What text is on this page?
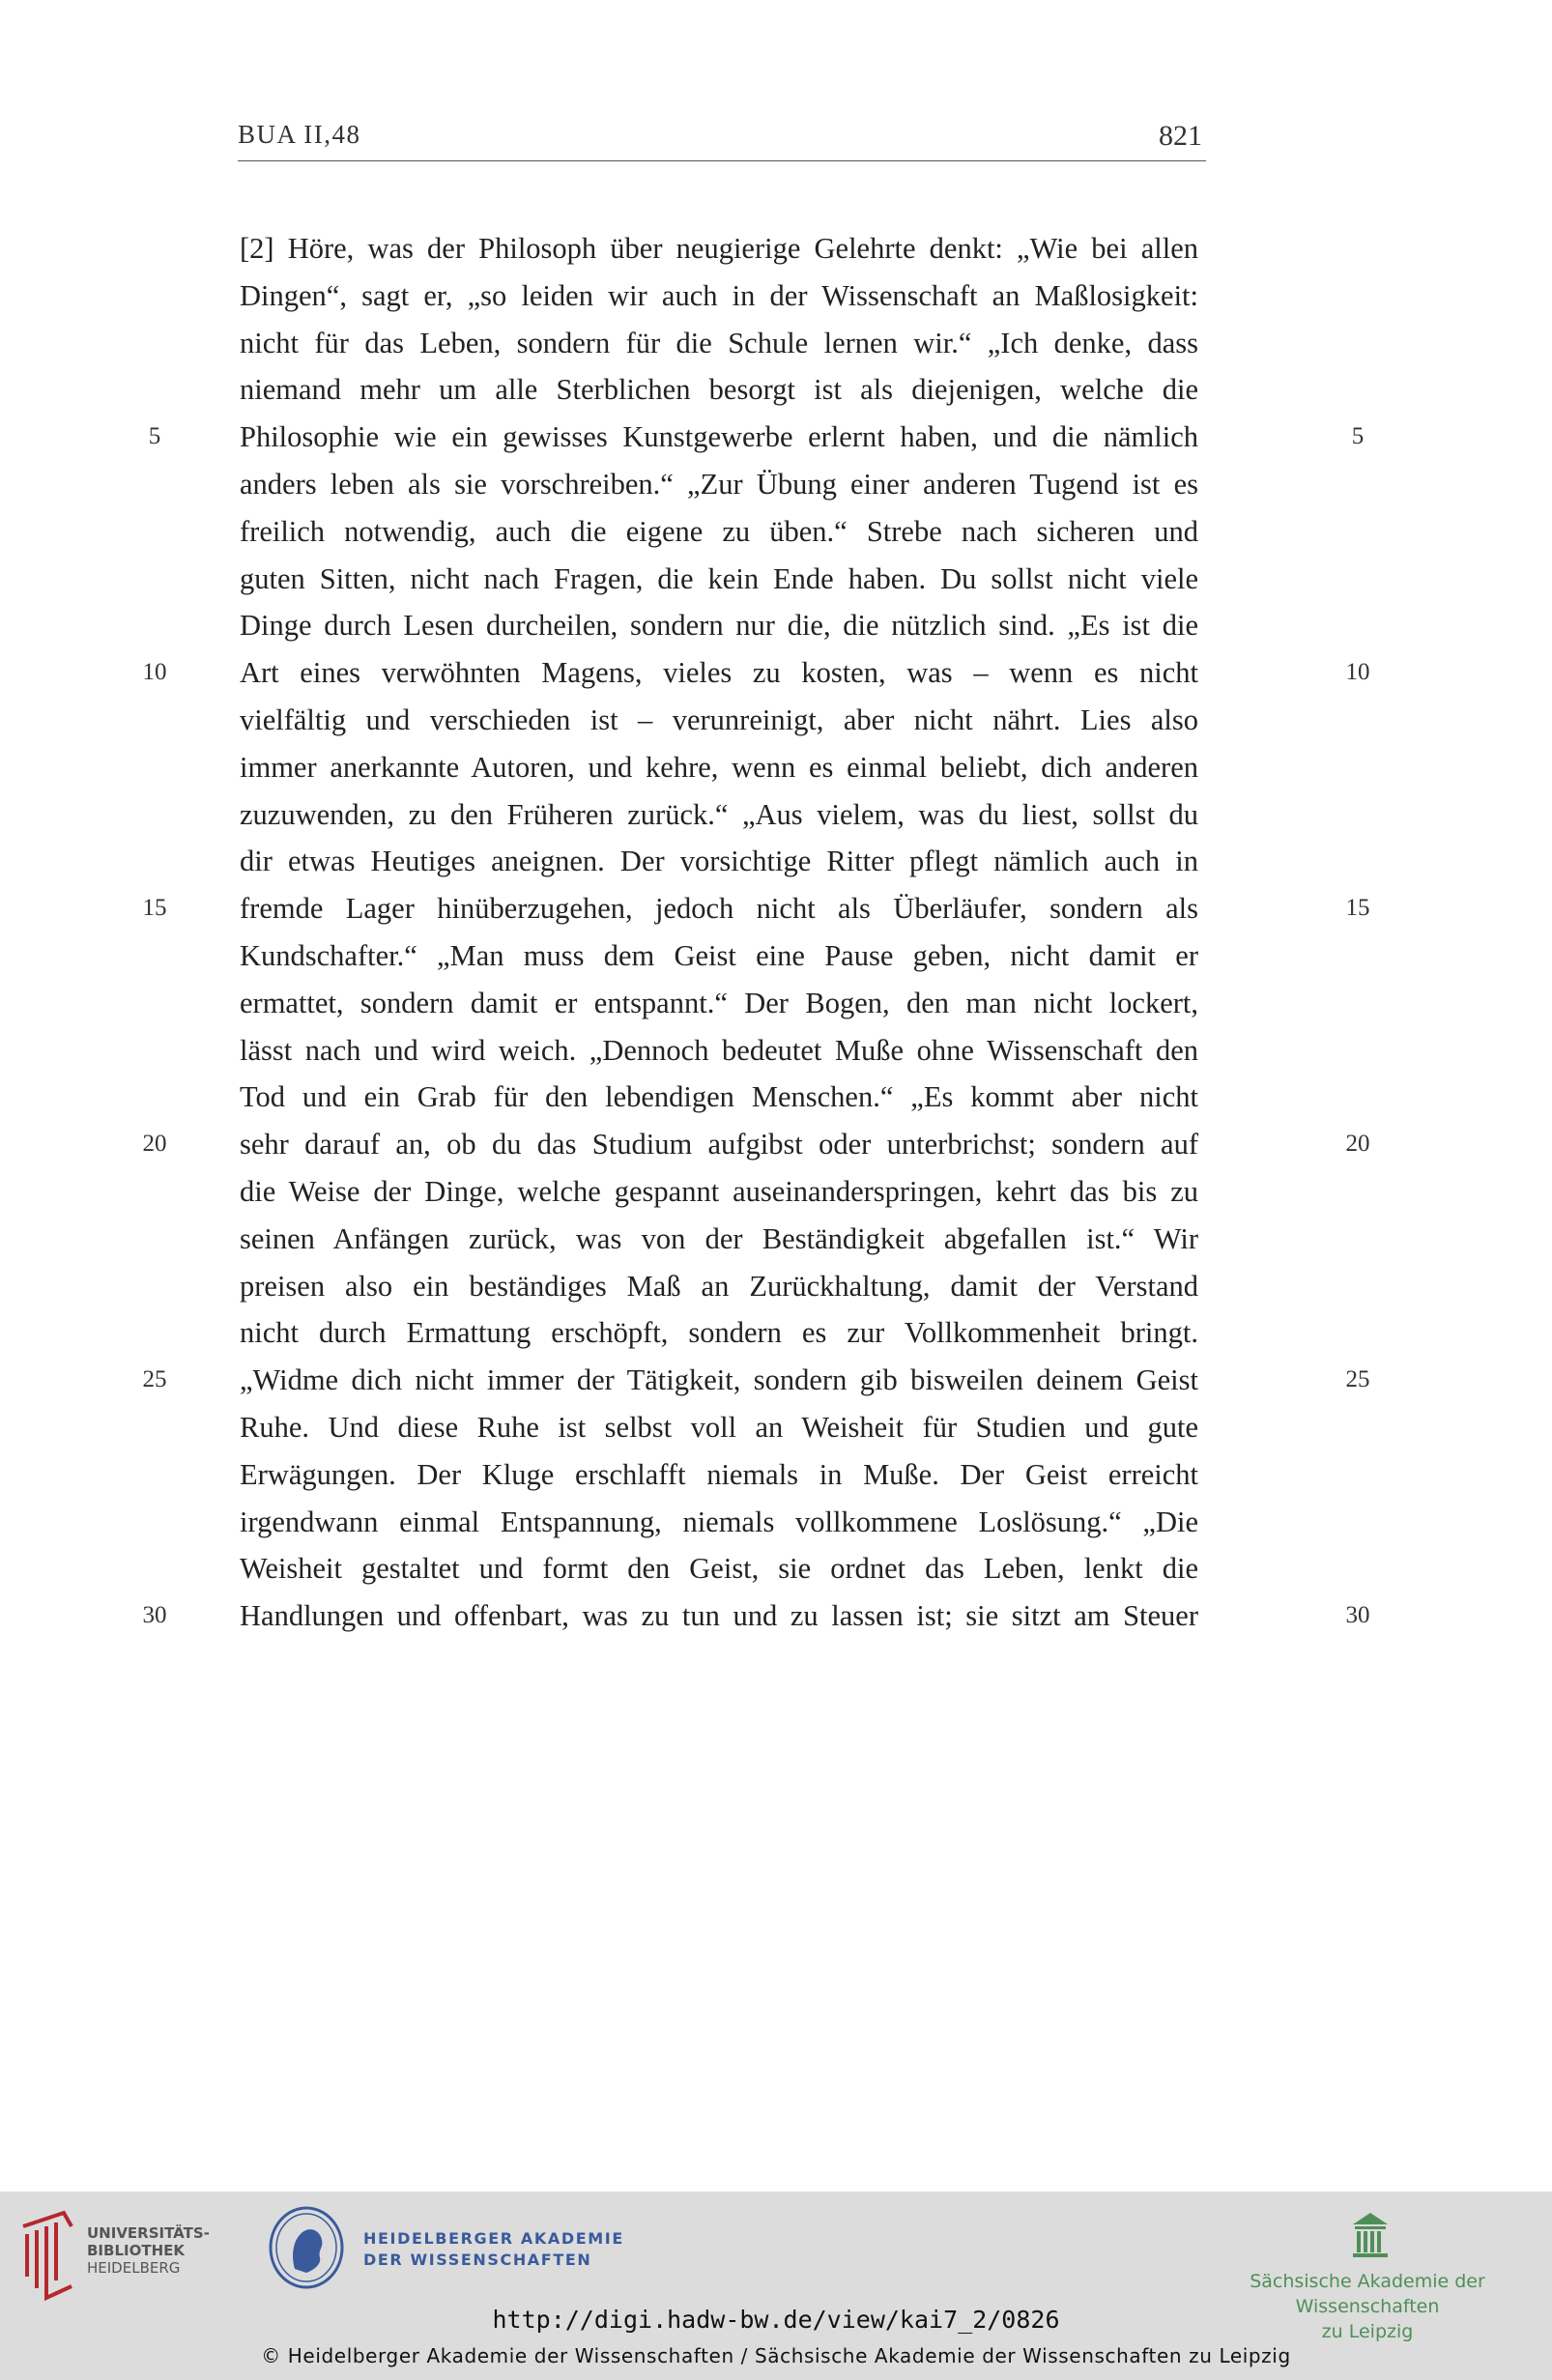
BUA II,48	821
5
10
15
20
25
30
[2] Höre, was der Philosoph über neugierige Gelehrte denkt: „Wie bei allen
Dingen“, sagt er, „so leiden wir auch in der Wissenschaft an Maßlosigkeit:
nicht für das Leben, sondern für die Schule lernen wir.“ „Ich denke, dass
niemand mehr um alle Sterblichen besorgt ist als diejenigen, welche die
Philosophie wie ein gewisses Kunstgewerbe erlernt haben, und die nämlich
anders leben als sie vorschreiben.“ „Zur Übung einer anderen Tugend ist es
freilich notwendig, auch die eigene zu üben.“ Strebe nach sicheren und
guten Sitten, nicht nach Fragen, die kein Ende haben. Du sollst nicht viele
Dinge durch Lesen durcheilen, sondern nur die, die nützlich sind. „Es ist die
Art eines verwöhnten Magens, vieles zu kosten, was – wenn es nicht
vielfältig und verschieden ist – verunreinigt, aber nicht nährt. Lies also
immer anerkannte Autoren, und kehre, wenn es einmal beliebt, dich anderen
zuzuwenden, zu den Früheren zurück.“ „Aus vielem, was du liest, sollst du
dir etwas Heutiges aneignen. Der vorsichtige Ritter pflegt nämlich auch in
fremde Lager hinüberzugehen, jedoch nicht als Überläufer, sondern als
Kundschafter.“ „Man muss dem Geist eine Pause geben, nicht damit er
ermattet, sondern damit er entspannt.“ Der Bogen, den man nicht lockert,
lässt nach und wird weich. „Dennoch bedeutet Muße ohne Wissenschaft den
Tod und ein Grab für den lebendigen Menschen.“ „Es kommt aber nicht
sehr darauf an, ob du das Studium aufgibst oder unterbrichst; sondern auf
die Weise der Dinge, welche gespannt auseinanderspringen, kehrt das bis zu
seinen Anfängen zurück, was von der Beständigkeit abgefallen ist.“ Wir
preisen also ein beständiges Maß an Zurückhaltung, damit der Verstand
nicht durch Ermattung erschöpft, sondern es zur Vollkommenheit bringt.
„Widme dich nicht immer der Tätigkeit, sondern gib bisweilen deinem Geist
Ruhe. Und diese Ruhe ist selbst voll an Weisheit für Studien und gute
Erwägungen. Der Kluge erschlafft niemals in Muße. Der Geist erreicht
irgendwann einmal Entspannung, niemals vollkommene Loslösung.“ „Die
Weisheit gestaltet und formt den Geist, sie ordnet das Leben, lenkt die
Handlungen und offenbart, was zu tun und zu lassen ist; sie sitzt am Steuer
5
10
15
20
25
30
UNIVERSITÄTS-
BIBLIOTHEK
HEIDELBERG
HEIDELBERGER AKADEMIE
DER WISSENSCHAFTEN
Sächsische Akademie der Wissenschaften
zu Leipzig
http://digi.hadw-bw.de/view/kai7_2/0826
© Heidelberger Akademie der Wissenschaften / Sächsische Akademie der Wissenschaften zu Leipzig
